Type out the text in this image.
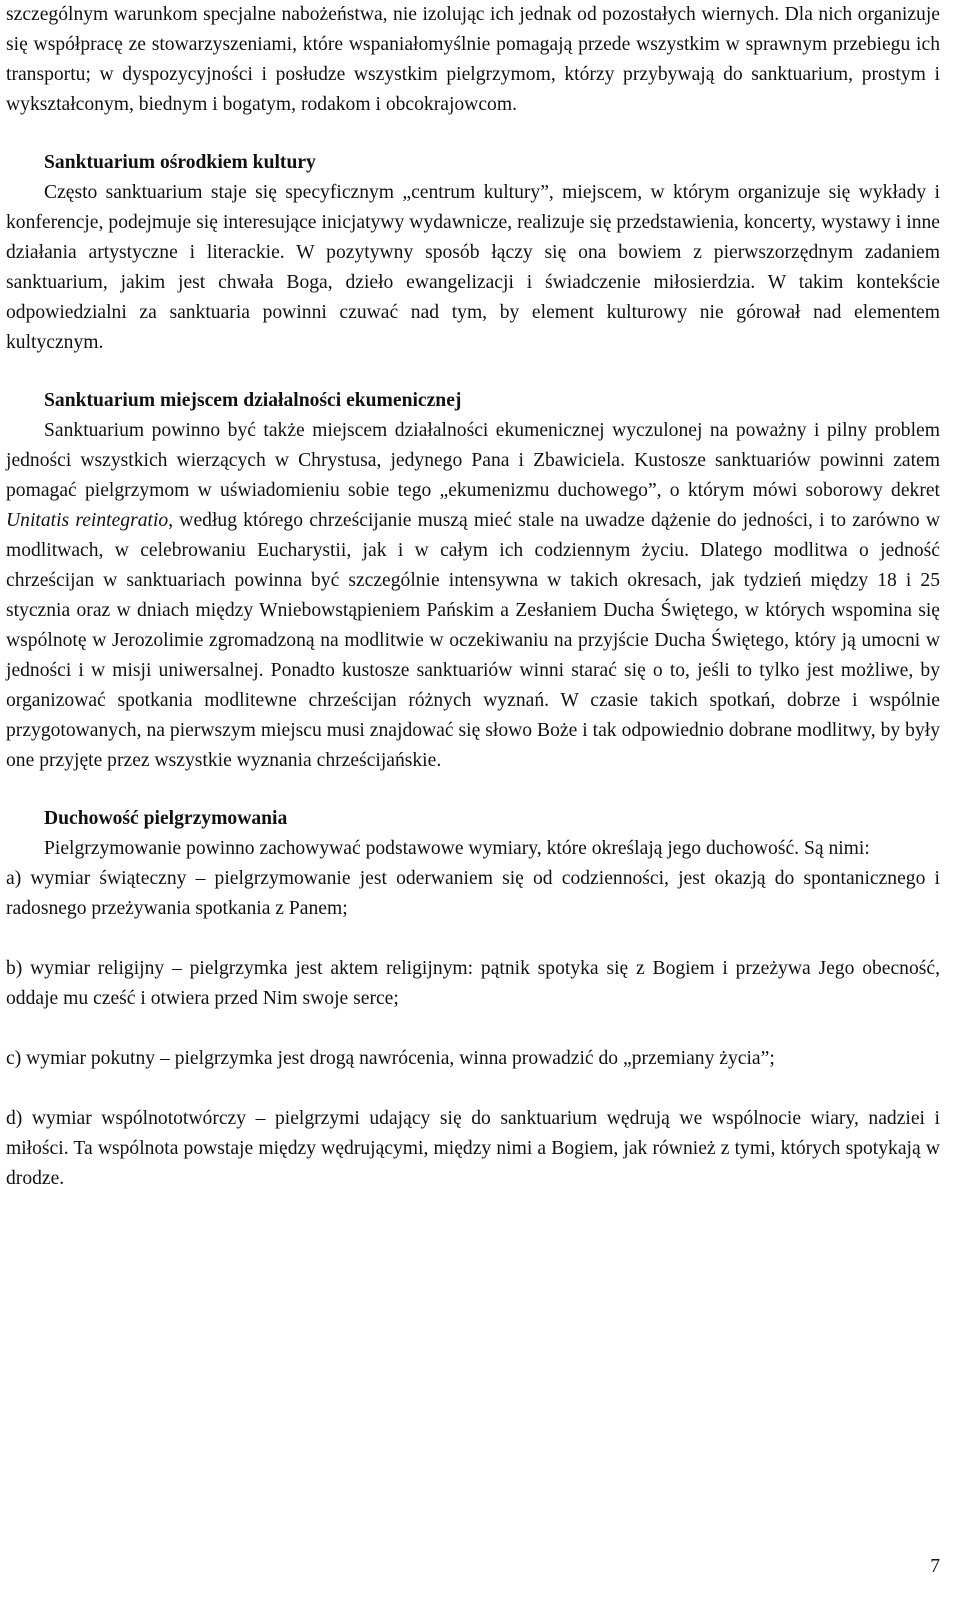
szczególnym warunkom specjalne nabożeństwa, nie izolując ich jednak od pozostałych wiernych. Dla nich organizuje się współpracę ze stowarzyszeniami, które wspaniałomyślnie pomagają przede wszystkim w sprawnym przebiegu ich transportu; w dyspozycyjności i posłudze wszystkim pielgrzymom, którzy przybywają do sanktuarium, prostym i wykształconym, biednym i bogatym, rodakom i obcokrajowcom.

Sanktuarium ośrodkiem kultury

Często sanktuarium staje się specyficznym „centrum kultury”, miejscem, w którym organizuje się wykłady i konferencje, podejmuje się interesujące inicjatywy wydawnicze, realizuje się przedstawienia, koncerty, wystawy i inne działania artystyczne i literackie. W pozytywny sposób łączy się ona bowiem z pierwszorzędnym zadaniem sanktuarium, jakim jest chwała Boga, dzieło ewangelizacji i świadczenie miłosierdzia. W takim kontekście odpowiedzialni za sanktuaria powinni czuwać nad tym, by element kulturowy nie górował nad elementem kultycznym.

Sanktuarium miejscem działalności ekumenicznej

Sanktuarium powinno być także miejscem działalności ekumenicznej wyczulonej na poważny i pilny problem jedności wszystkich wierzących w Chrystusa, jedynego Pana i Zbawiciela. Kustosze sanktuariów powinni zatem pomagać pielgrzymom w uświadomieniu sobie tego „ekumenizmu duchowego”, o którym mówi soborowy dekret Unitatis reintegratio, według którego chrześcijanie muszą mieć stale na uwadze dążenie do jedności, i to zarówno w modlitwach, w celebrowaniu Eucharystii, jak i w całym ich codziennym życiu. Dlatego modlitwa o jedność chrześcijan w sanktuariach powinna być szczególnie intensywna w takich okresach, jak tydzień między 18 i 25 stycznia oraz w dniach między Wniebowstąpieniem Pańskim a Zesłaniem Ducha Świętego, w których wspomina się wspólnotę w Jerozolimie zgromadzoną na modlitwie w oczekiwaniu na przyjście Ducha Świętego, który ją umocni w jedności i w misji uniwersalnej. Ponadto kustosze sanktuariów winni starać się o to, jeśli to tylko jest możliwe, by organizować spotkania modlitewne chrześcijan różnych wyznań. W czasie takich spotkań, dobrze i wspólnie przygotowanych, na pierwszym miejscu musi znajdować się słowo Boże i tak odpowiednio dobrane modlitwy, by były one przyjęte przez wszystkie wyznania chrześcijańskie.

Duchowość pielgrzymowania

Pielgrzymowanie powinno zachowywać podstawowe wymiary, które określają jego duchowość. Są nimi:

a) wymiar świąteczny – pielgrzymowanie jest oderwaniem się od codzienności, jest okazją do spontanicznego i radosnego przeżywania spotkania z Panem;

b) wymiar religijny – pielgrzymka jest aktem religijnym: pątnik spotyka się z Bogiem i przeżywa Jego obecność, oddaje mu cześć i otwiera przed Nim swoje serce;

c) wymiar pokutny – pielgrzymka jest drogą nawrócenia, winna prowadzić do „przemiany życia”;

d) wymiar wspólnototwórczy – pielgrzymi udający się do sanktuarium wędrują we wspólnocie wiary, nadziei i miłości. Ta wspólnota powstaje między wędrującymi, między nimi a Bogiem, jak również z tymi, których spotykają w drodze.

7
